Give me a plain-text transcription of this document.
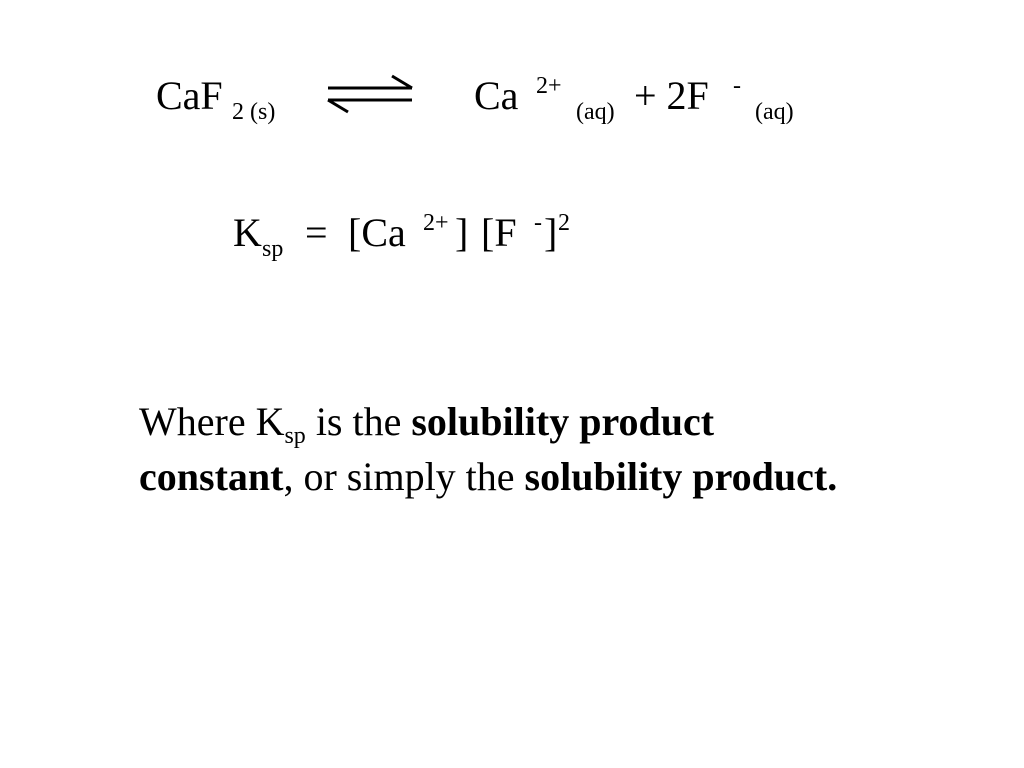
CaF 2 (s)	Ca 2+
(aq) + 2F -
(aq)
K sp = [Ca 2+ ] [F - ] 2
Where $K_{sp}$ is the solubility product
constant, or simply the solubility product.
